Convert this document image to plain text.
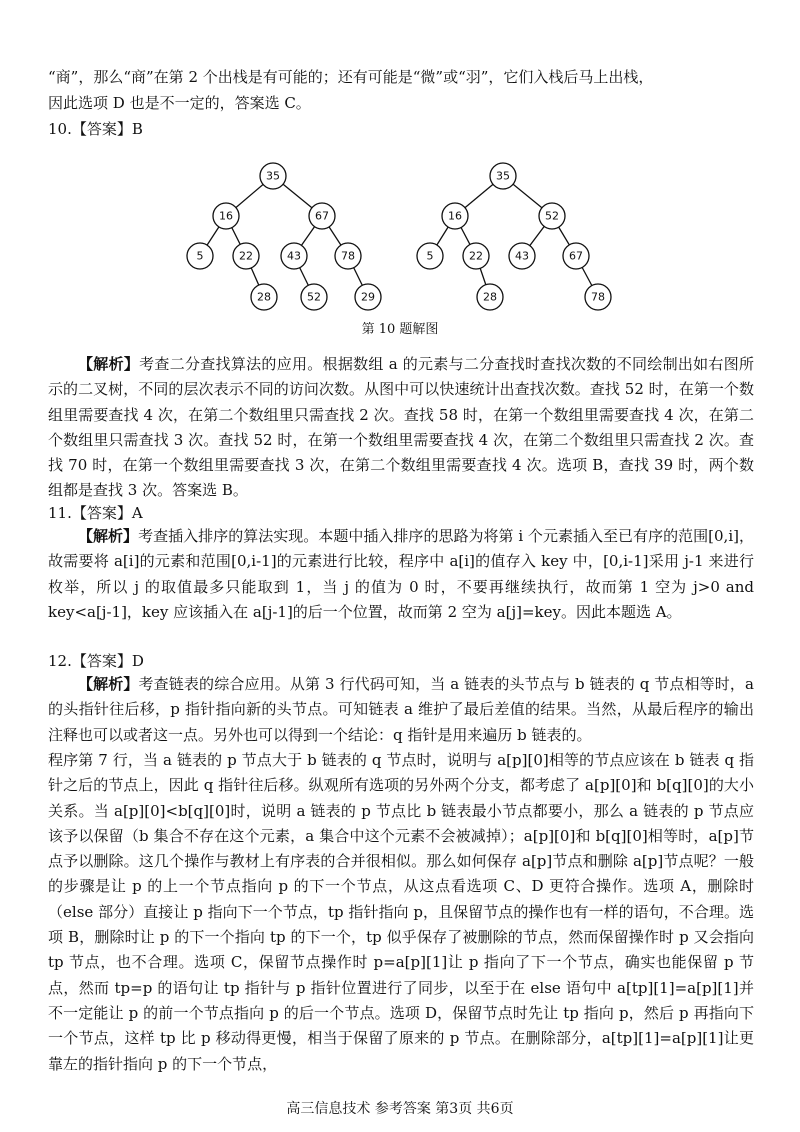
“商”，那么“商”在第 2 个出栈是有可能的；还有可能是“微”或“羽”，它们入栈后马上出栈，

因此选项 D 也是不一定的，答案选 C。

10.【答案】B

35
16	67
5	22	43	78
28	52	29
35
16	52
5	22	43	67
28	78
第 10 题解图

【解析】考查二分查找算法的应用。根据数组 a 的元素与二分查找时查找次数的不同绘制出如右图所示的二叉树，不同的层次表示不同的访问次数。从图中可以快速统计出查找次数。查找 52 时，在第一个数组里需要查找 4 次，在第二个数组里只需查找 2 次。查找 58 时，在第一个数组里需要查找 4 次，在第二个数组里只需查找 3 次。查找 52 时，在第一个数组里需要查找 4 次，在第二个数组里只需查找 2 次。查找 70 时，在第一个数组里需要查找 3 次，在第二个数组里需要查找 4 次。选项 B，查找 39 时，两个数组都是查找 3 次。答案选 B。

11.【答案】A

【解析】考查插入排序的算法实现。本题中插入排序的思路为将第 i 个元素插入至已有序的范围[0,i]，故需要将 a[i]的元素和范围[0,i-1]的元素进行比较，程序中 a[i]的值存入 key 中，[0,i-1]采用 j-1 来进行枚举，所以 j 的取值最多只能取到 1，当 j 的值为 0 时，不要再继续执行，故而第 1 空为 j>0 and key<a[j-1]，key 应该插入在 a[j-1]的后一个位置，故而第 2 空为 a[j]=key。因此本题选 A。

12.【答案】D

【解析】考查链表的综合应用。从第 3 行代码可知，当 a 链表的头节点与 b 链表的 q 节点相等时，a 的头指针往后移，p 指针指向新的头节点。可知链表 a 维护了最后差值的结果。当然，从最后程序的输出注释也可以或者这一点。另外也可以得到一个结论：q 指针是用来遍历 b 链表的。

程序第 7 行，当 a 链表的 p 节点大于 b 链表的 q 节点时，说明与 a[p][0]相等的节点应该在 b 链表 q 指针之后的节点上，因此 q 指针往后移。纵观所有选项的另外两个分支，都考虑了 a[p][0]和 b[q][0]的大小关系。当 a[p][0]<b[q][0]时，说明 a 链表的 p 节点比 b 链表最小节点都要小，那么 a 链表的 p 节点应该予以保留（b 集合不存在这个元素，a 集合中这个元素不会被减掉）；a[p][0]和 b[q][0]相等时，a[p]节点予以删除。这几个操作与教材上有序表的合并很相似。那么如何保存 a[p]节点和删除 a[p]节点呢？一般的步骤是让 p 的上一个节点指向 p 的下一个节点，从这点看选项 C、D 更符合操作。选项 A，删除时（else 部分）直接让 p 指向下一个节点，tp 指针指向 p，且保留节点的操作也有一样的语句，不合理。选项 B，删除时让 p 的下一个指向 tp 的下一个，tp 似乎保存了被删除的节点，然而保留操作时 p 又会指向 tp 节点，也不合理。选项 C，保留节点操作时 p=a[p][1]让 p 指向了下一个节点，确实也能保留 p 节点，然而 tp=p 的语句让 tp 指针与 p 指针位置进行了同步，以至于在 else 语句中 a[tp][1]=a[p][1]并不一定能让 p 的前一个节点指向 p 的后一个节点。选项 D，保留节点时先让 tp 指向 p，然后 p 再指向下一个节点，这样 tp 比 p 移动得更慢，相当于保留了原来的 p 节点。在删除部分，a[tp][1]=a[p][1]让更靠左的指针指向 p 的下一个节点，

高三信息技术 参考答案 第3页 共6页
